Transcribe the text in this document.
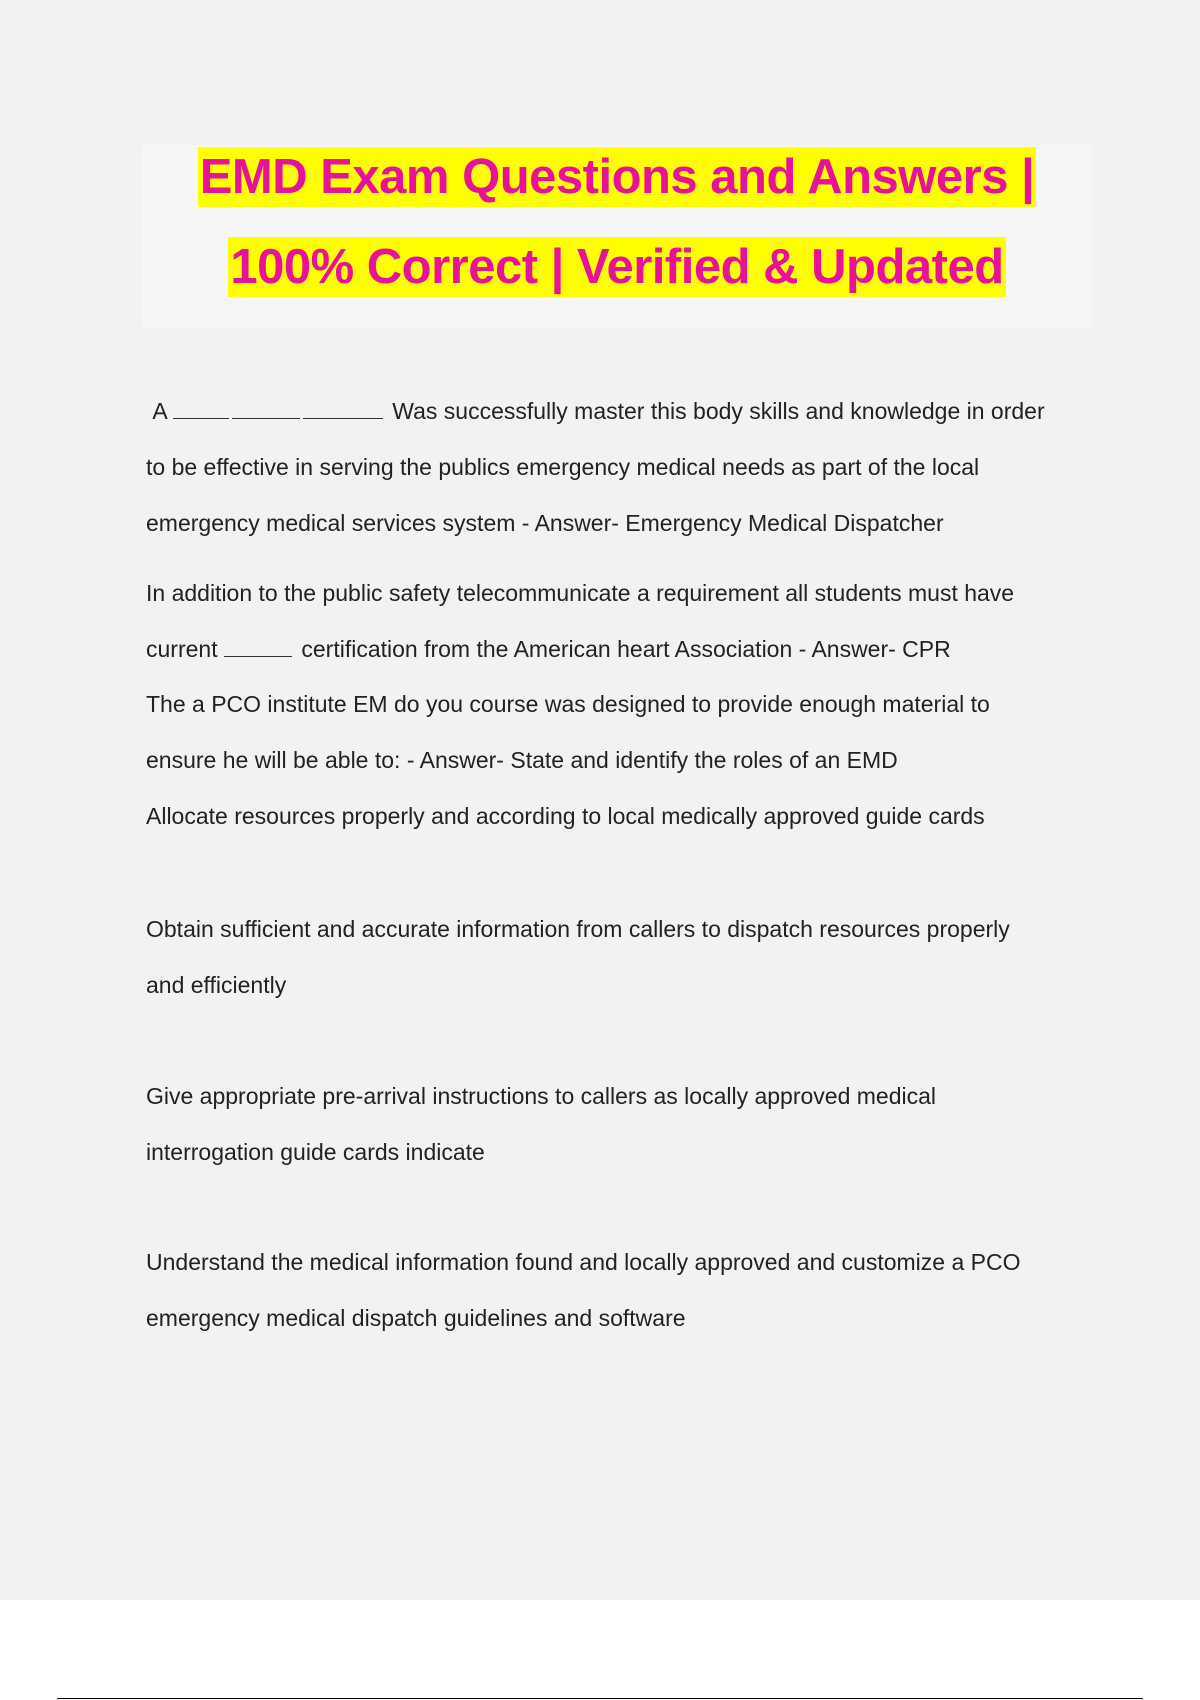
EMD Exam Questions and Answers |
100% Correct | Verified & Updated
A	Was successfully master this body skills and knowledge in order
to be effective in serving the publics emergency medical needs as part of the local
emergency medical services system - Answer- Emergency Medical Dispatcher
In addition to the public safety telecommunicate a requirement all students must have
current	certification from the American heart Association - Answer- CPR
The a PCO institute EM do you course was designed to provide enough material to
ensure he will be able to: - Answer- State and identify the roles of an EMD
Allocate resources properly and according to local medically approved guide cards
Obtain sufficient and accurate information from callers to dispatch resources properly
and efficiently
Give appropriate pre-arrival instructions to callers as locally approved medical
interrogation guide cards indicate
Understand the medical information found and locally approved and customize a PCO
emergency medical dispatch guidelines and software
